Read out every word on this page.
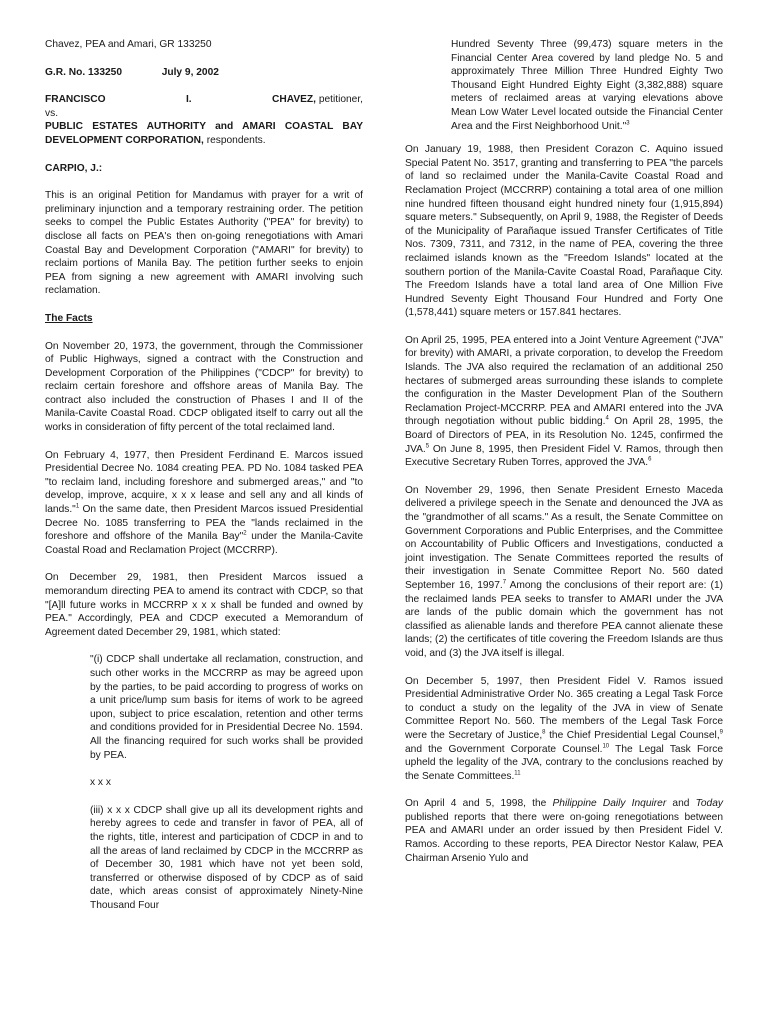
Chavez, PEA and Amari, GR 133250

G.R. No. 133250	July 9, 2002

FRANCISCO	I.	CHAVEZ, petitioner,

vs.

PUBLIC ESTATES AUTHORITY and AMARI COASTAL BAY DEVELOPMENT CORPORATION, respondents.

CARPIO, J.:

This is an original Petition for Mandamus with prayer for a writ of preliminary injunction and a temporary restraining order. The petition seeks to compel the Public Estates Authority ("PEA" for brevity) to disclose all facts on PEA's then on-going renegotiations with Amari Coastal Bay and Development Corporation ("AMARI" for brevity) to reclaim portions of Manila Bay. The petition further seeks to enjoin PEA from signing a new agreement with AMARI involving such reclamation.

The Facts

On November 20, 1973, the government, through the Commissioner of Public Highways, signed a contract with the Construction and Development Corporation of the Philippines ("CDCP" for brevity) to reclaim certain foreshore and offshore areas of Manila Bay. The contract also included the construction of Phases I and II of the Manila-Cavite Coastal Road. CDCP obligated itself to carry out all the works in consideration of fifty percent of the total reclaimed land.

On February 4, 1977, then President Ferdinand E. Marcos issued Presidential Decree No. 1084 creating PEA. PD No. 1084 tasked PEA "to reclaim land, including foreshore and submerged areas," and "to develop, improve, acquire, x x x lease and sell any and all kinds of lands."$^1$ On the same date, then President Marcos issued Presidential Decree No. 1085 transferring to PEA the "lands reclaimed in the foreshore and offshore of the Manila Bay"$^2$ under the Manila-Cavite Coastal Road and Reclamation Project (MCCRRP).

On December 29, 1981, then President Marcos issued a memorandum directing PEA to amend its contract with CDCP, so that "[A]ll future works in MCCRRP x x x shall be funded and owned by PEA." Accordingly, PEA and CDCP executed a Memorandum of Agreement dated December 29, 1981, which stated:

"(i) CDCP shall undertake all reclamation, construction, and such other works in the MCCRRP as may be agreed upon by the parties, to be paid according to progress of works on a unit price/lump sum basis for items of work to be agreed upon, subject to price escalation, retention and other terms and conditions provided for in Presidential Decree No. 1594. All the financing required for such works shall be provided by PEA.

x x x

(iii) x x x CDCP shall give up all its development rights and hereby agrees to cede and transfer in favor of PEA, all of the rights, title, interest and participation of CDCP in and to all the areas of land reclaimed by CDCP in the MCCRRP as of December 30, 1981 which have not yet been sold, transferred or otherwise disposed of by CDCP as of said date, which areas consist of approximately Ninety-Nine Thousand Four

Hundred Seventy Three (99,473) square meters in the Financial Center Area covered by land pledge No. 5 and approximately Three Million Three Hundred Eighty Two Thousand Eight Hundred Eighty Eight (3,382,888) square meters of reclaimed areas at varying elevations above Mean Low Water Level located outside the Financial Center Area and the First Neighborhood Unit."$^3$

On January 19, 1988, then President Corazon C. Aquino issued Special Patent No. 3517, granting and transferring to PEA "the parcels of land so reclaimed under the Manila-Cavite Coastal Road and Reclamation Project (MCCRRP) containing a total area of one million nine hundred fifteen thousand eight hundred ninety four (1,915,894) square meters." Subsequently, on April 9, 1988, the Register of Deeds of the Municipality of Parañaque issued Transfer Certificates of Title Nos. 7309, 7311, and 7312, in the name of PEA, covering the three reclaimed islands known as the "Freedom Islands" located at the southern portion of the Manila-Cavite Coastal Road, Parañaque City. The Freedom Islands have a total land area of One Million Five Hundred Seventy Eight Thousand Four Hundred and Forty One (1,578,441) square meters or 157.841 hectares.

On April 25, 1995, PEA entered into a Joint Venture Agreement ("JVA" for brevity) with AMARI, a private corporation, to develop the Freedom Islands. The JVA also required the reclamation of an additional 250 hectares of submerged areas surrounding these islands to complete the configuration in the Master Development Plan of the Southern Reclamation Project-MCCRRP. PEA and AMARI entered into the JVA through negotiation without public bidding.$^4$ On April 28, 1995, the Board of Directors of PEA, in its Resolution No. 1245, confirmed the JVA.$^5$ On June 8, 1995, then President Fidel V. Ramos, through then Executive Secretary Ruben Torres, approved the JVA.$^6$

On November 29, 1996, then Senate President Ernesto Maceda delivered a privilege speech in the Senate and denounced the JVA as the "grandmother of all scams." As a result, the Senate Committee on Government Corporations and Public Enterprises, and the Committee on Accountability of Public Officers and Investigations, conducted a joint investigation. The Senate Committees reported the results of their investigation in Senate Committee Report No. 560 dated September 16, 1997.$^7$ Among the conclusions of their report are: (1) the reclaimed lands PEA seeks to transfer to AMARI under the JVA are lands of the public domain which the government has not classified as alienable lands and therefore PEA cannot alienate these lands; (2) the certificates of title covering the Freedom Islands are thus void, and (3) the JVA itself is illegal.

On December 5, 1997, then President Fidel V. Ramos issued Presidential Administrative Order No. 365 creating a Legal Task Force to conduct a study on the legality of the JVA in view of Senate Committee Report No. 560. The members of the Legal Task Force were the Secretary of Justice,$^8$ the Chief Presidential Legal Counsel,$^9$ and the Government Corporate Counsel.$^{10}$ The Legal Task Force upheld the legality of the JVA, contrary to the conclusions reached by the Senate Committees.$^{11}$

On April 4 and 5, 1998, the Philippine Daily Inquirer and Today published reports that there were on-going renegotiations between PEA and AMARI under an order issued by then President Fidel V. Ramos. According to these reports, PEA Director Nestor Kalaw, PEA Chairman Arsenio Yulo and
